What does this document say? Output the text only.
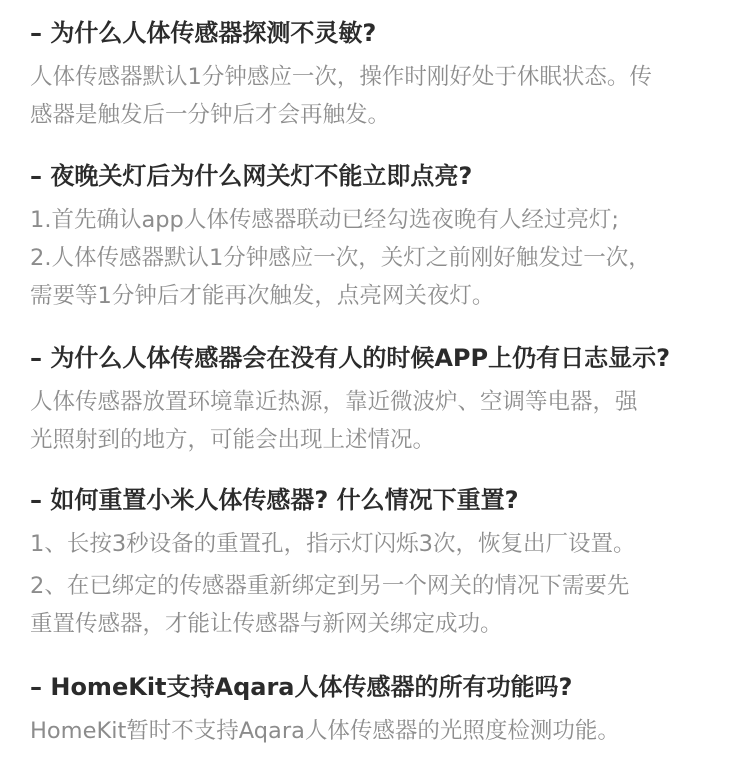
– 为什么人体传感器探测不灵敏?

人体传感器默认1分钟感应一次，操作时刚好处于休眠状态。传

感器是触发后一分钟后才会再触发。

– 夜晚关灯后为什么网关灯不能立即点亮?

1.首先确认app人体传感器联动已经勾选夜晚有人经过亮灯;

2.人体传感器默认1分钟感应一次，关灯之前刚好触发过一次，

需要等1分钟后才能再次触发，点亮网关夜灯。

– 为什么人体传感器会在没有人的时候APP上仍有日志显示?

人体传感器放置环境靠近热源，靠近微波炉、空调等电器，强

光照射到的地方，可能会出现上述情况。

– 如何重置小米人体传感器? 什么情况下重置?

1、长按3秒设备的重置孔，指示灯闪烁3次，恢复出厂设置。

2、在已绑定的传感器重新绑定到另一个网关的情况下需要先

重置传感器，才能让传感器与新网关绑定成功。

– HomeKit支持Aqara人体传感器的所有功能吗?

HomeKit暂时不支持Aqara人体传感器的光照度检测功能。
